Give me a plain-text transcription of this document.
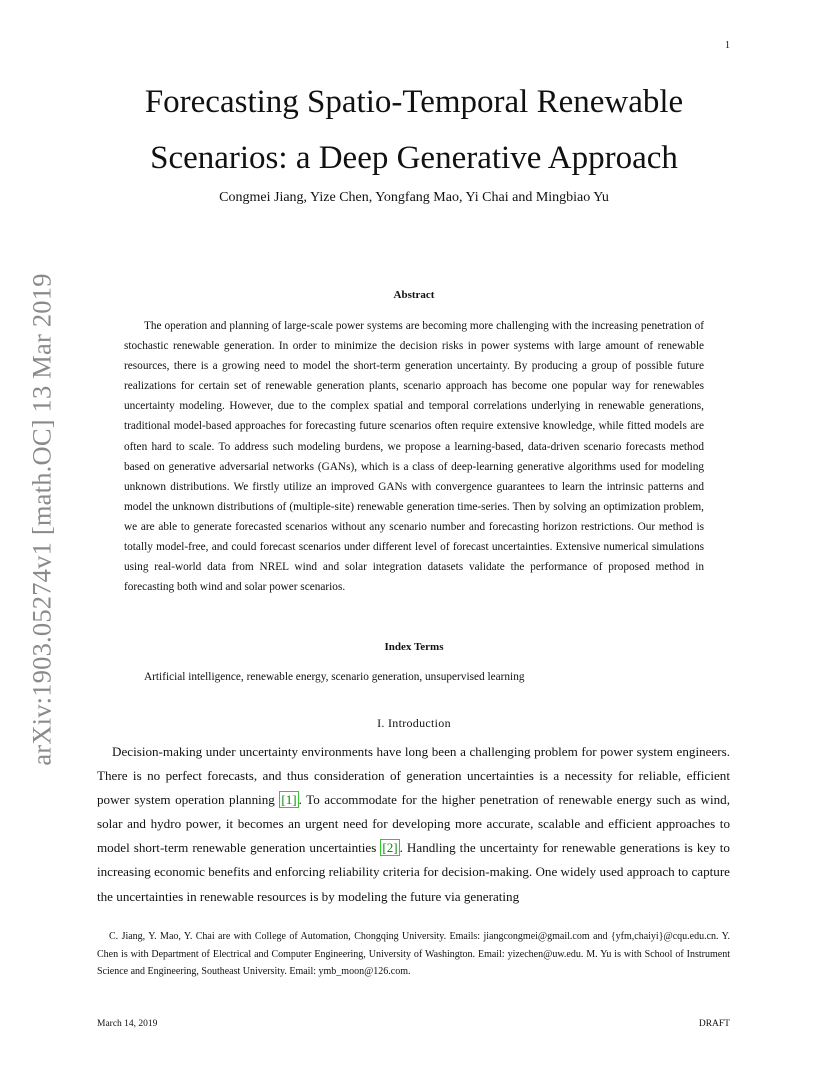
1
arXiv:1903.05274v1 [math.OC] 13 Mar 2019
Forecasting Spatio-Temporal Renewable
Scenarios: a Deep Generative Approach
Congmei Jiang, Yize Chen, Yongfang Mao, Yi Chai and Mingbiao Yu
Abstract

The operation and planning of large-scale power systems are becoming more challenging with the increasing penetration of stochastic renewable generation. In order to minimize the decision risks in power systems with large amount of renewable resources, there is a growing need to model the short-term generation uncertainty. By producing a group of possible future realizations for certain set of renewable generation plants, scenario approach has become one popular way for renewables uncertainty modeling. However, due to the complex spatial and temporal correlations underlying in renewable generations, traditional model-based approaches for forecasting future scenarios often require extensive knowledge, while fitted models are often hard to scale. To address such modeling burdens, we propose a learning-based, data-driven scenario forecasts method based on generative adversarial networks (GANs), which is a class of deep-learning generative algorithms used for modeling unknown distributions. We firstly utilize an improved GANs with convergence guarantees to learn the intrinsic patterns and model the unknown distributions of (multiple-site) renewable generation time-series. Then by solving an optimization problem, we are able to generate forecasted scenarios without any scenario number and forecasting horizon restrictions. Our method is totally model-free, and could forecast scenarios under different level of forecast uncertainties. Extensive numerical simulations using real-world data from NREL wind and solar integration datasets validate the performance of proposed method in forecasting both wind and solar power scenarios.

Index Terms
Artificial intelligence, renewable energy, scenario generation, unsupervised learning
I. Introduction

Decision-making under uncertainty environments have long been a challenging problem for power system engineers. There is no perfect forecasts, and thus consideration of generation uncertainties is a necessity for reliable, efficient power system operation planning [1] . To accommodate for the higher penetration of renewable energy such as wind, solar and hydro power, it becomes an urgent need for developing more accurate, scalable and efficient approaches to model short-term renewable generation uncertainties [2] . Handling the uncertainty for renewable generations is key to increasing economic benefits and enforcing reliability criteria for decision-making. One widely used approach to capture the uncertainties in renewable resources is by modeling the future via generating

C. Jiang, Y. Mao, Y. Chai are with College of Automation, Chongqing University. Emails: jiangcongmei@gmail.com and {yfm,chaiyi}@cqu.edu.cn. Y. Chen is with Department of Electrical and Computer Engineering, University of Washington. Email: yizechen@uw.edu. M. Yu is with School of Instrument Science and Engineering, Southeast University. Email: ymb_moon@126.com.

March 14, 2019	DRAFT
